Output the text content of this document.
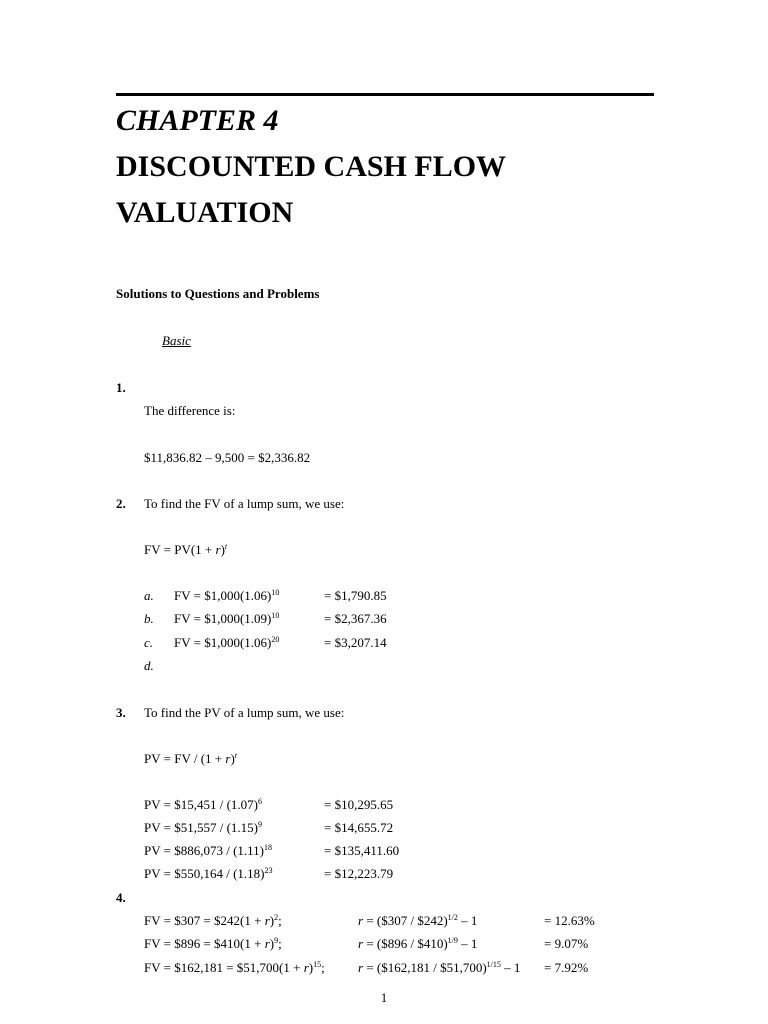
CHAPTER 4
DISCOUNTED CASH FLOW
VALUATION
Solutions to Questions and Problems
Basic
1.
The difference is:
$11,836.82 – 9,500 = $2,336.82
2. To find the FV of a lump sum, we use:
FV = $PV(1 + r)^t$
a. FV = $\$1,000(1.06)^{10}$	= $1,790.85
b. FV = $\$1,000(1.09)^{10}$	= $2,367.36
c. FV = $\$1,000(1.06)^{20}$	= $3,207.14
d.
3. To find the PV of a lump sum, we use:
PV = FV / $(1 + r)^t$
PV = $15,451 / $(1.07)^6$	= $10,295.65
PV = $51,557 / $(1.15)^9$	= $14,655.72
PV = $886,073 / $(1.11)^{18}$	= $135,411.60
PV = $550,164 / $(1.18)^{23}$	= $12,223.79
4.
FV = $307 = $242(1 + r)$^2$;	r = ($307 / $242)$^{1/2}$ – 1	= 12.63%
FV = $896 = $410(1 + r)$^9$;	r = ($896 / $410)$^{1/9}$ – 1	= 9.07%
FV = $162,181 = $51,700(1 + r)$^{15}$;	r = ($162,181 / $51,700)$^{1/15}$ – 1 = 7.92%
1
